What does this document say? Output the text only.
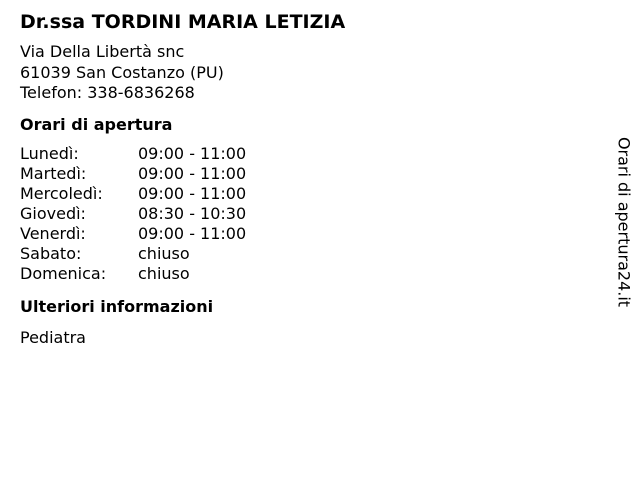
Dr.ssa TORDINI MARIA LETIZIA
Via Della Libertà snc
61039 San Costanzo (PU)
Telefon: 338-6836268
Orari di apertura
Lunedì:	09:00 - 11:00
Martedì:	09:00 - 11:00
Mercoledì: 09:00 - 11:00
Giovedì:	08:30 - 10:30
Venerdì:	09:00 - 11:00
Sabato:	chiuso
Domenica: chiuso
Ulteriori informazioni
Pediatra
Orari di apertura24.it
